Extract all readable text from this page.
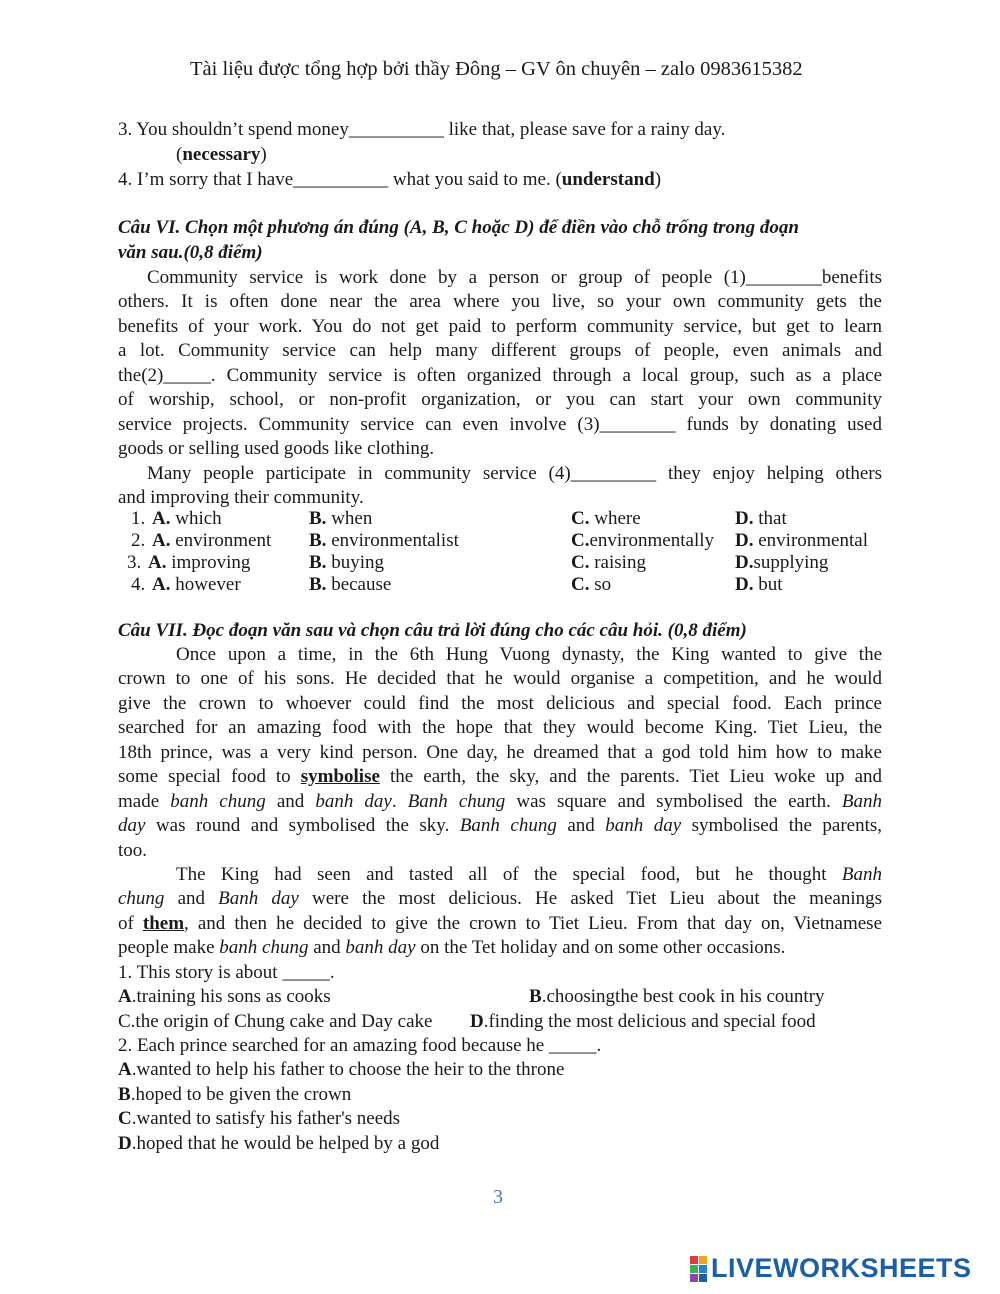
Tài liệu được tổng hợp bởi thầy Đông – GV ôn chuyên – zalo 0983615382
3. You shouldn’t spend money__________ like that, please save for a rainy day.
(necessary)
4. I’m sorry that I have__________ what you said to me. (understand)
Câu VI. Chọn một phương án đúng (A, B, C hoặc D) để điền vào chỗ trống trong đoạn
văn sau.(0,8 điểm)
Community service is work done by a person or group of people (1)________benefits
others. It is often done near the area where you live, so your own community gets the
benefits of your work. You do not get paid to perform community service, but get to learn
a lot. Community service can help many different groups of people, even animals and
the(2)_____. Community service is often organized through a local group, such as a place
of worship, school, or non-profit organization, or you can start your own community
service projects. Community service can even involve (3)________ funds by donating used
goods or selling used goods like clothing.
Many people participate in community service (4)_________ they enjoy helping others
and improving their community.
1. A. which	B. when	C. where	D. that
2. A. environment B. environmentalist	C.environmentally D. environmental
3. A. improving	B. buying	C. raising	D.supplying
4. A. however	B. because	C. so	D. but
Câu VII. Đọc đoạn văn sau và chọn câu trả lời đúng cho các câu hỏi. (0,8 điểm)
Once upon a time, in the 6th Hung Vuong dynasty, the King wanted to give the
crown to one of his sons. He decided that he would organise a competition, and he would
give the crown to whoever could find the most delicious and special food. Each prince
searched for an amazing food with the hope that they would become King. Tiet Lieu, the
18th prince, was a very kind person. One day, he dreamed that a god told him how to make
some special food to symbolise the earth, the sky, and the parents. Tiet Lieu woke up and
made banh chung and banh day. Banh chung was square and symbolised the earth. Banh
day was round and symbolised the sky. Banh chung and banh day symbolised the parents,
too.
The King had seen and tasted all of the special food, but he thought Banh
chung and Banh day were the most delicious. He asked Tiet Lieu about the meanings
of them, and then he decided to give the crown to Tiet Lieu. From that day on, Vietnamese
people make banh chung and banh day on the Tet holiday and on some other occasions.
1. This story is about _____.
A.training his sons as cooks	B.choosingthe best cook in his country
C.the origin of Chung cake and Day cake D.finding the most delicious and special food
2. Each prince searched for an amazing food because he _____.
A.wanted to help his father to choose the heir to the throne
B.hoped to be given the crown
C.wanted to satisfy his father's needs
D.hoped that he would be helped by a god
3
LIVEWORKSHEETS
